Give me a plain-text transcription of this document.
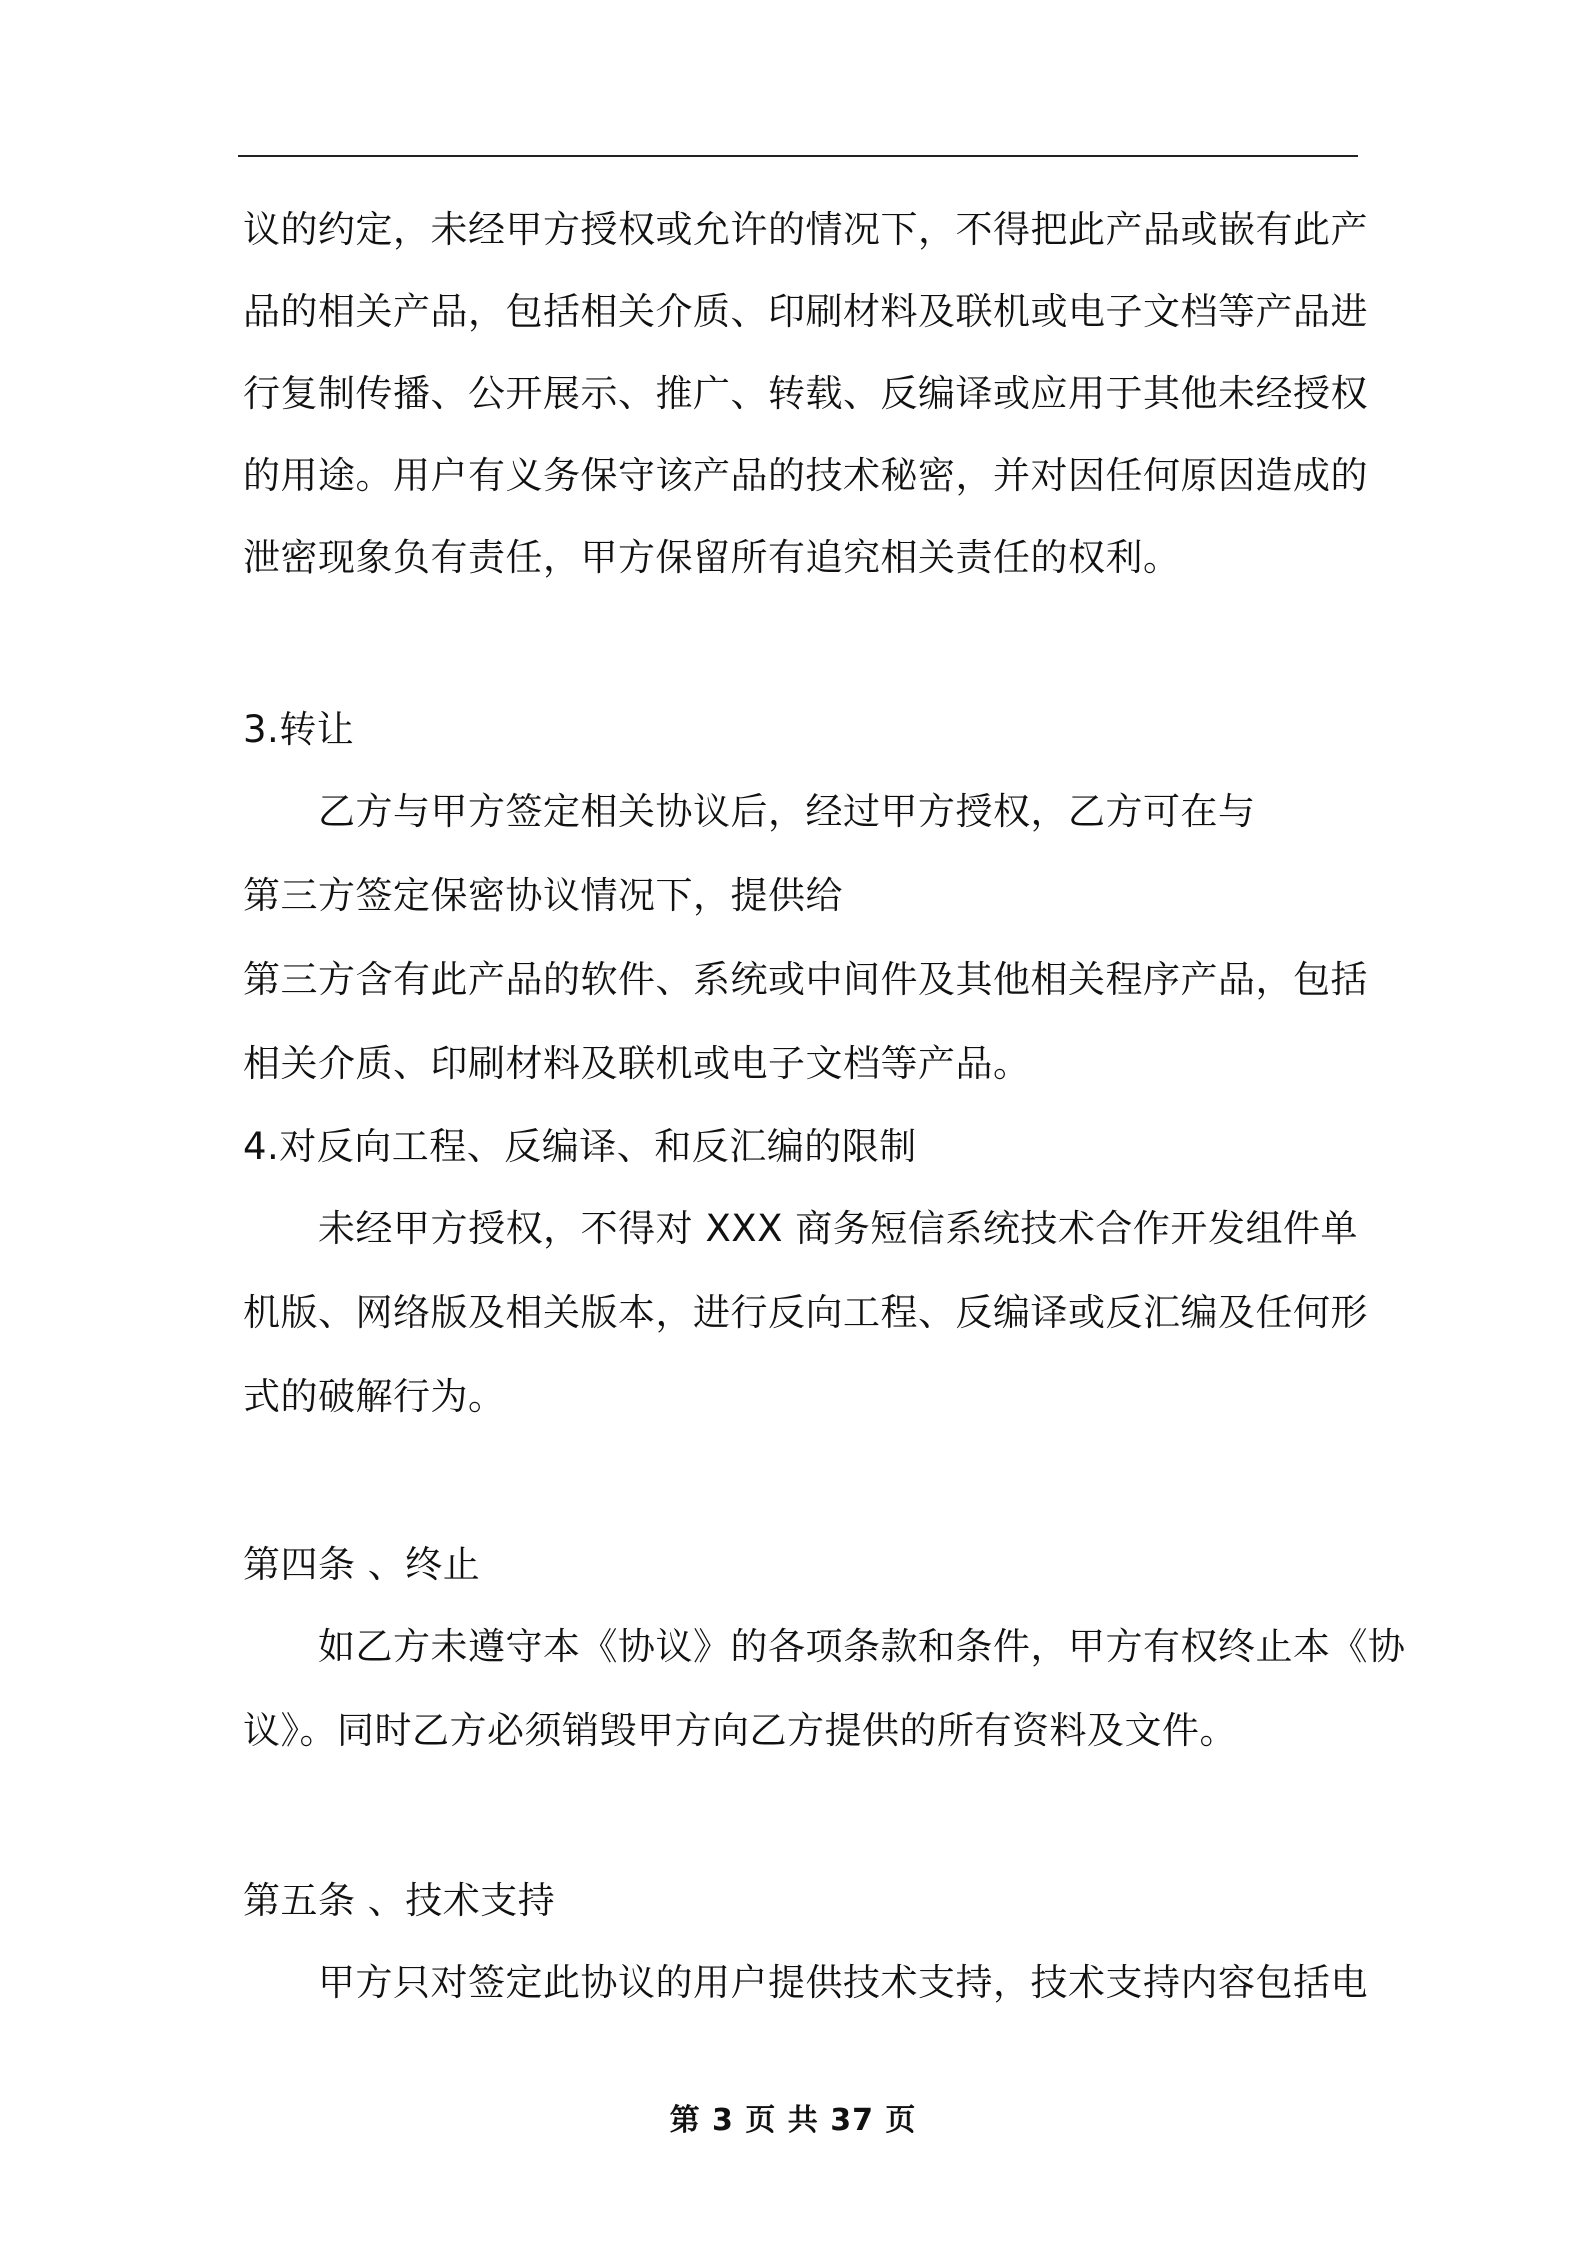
议的约定，未经甲方授权或允许的情况下，不得把此产品或嵌有此产
品的相关产品，包括相关介质、印刷材料及联机或电子文档等产品进
行复制传播、公开展示、推广、转载、反编译或应用于其他未经授权
的用途。用户有义务保守该产品的技术秘密，并对因任何原因造成的
泄密现象负有责任，甲方保留所有追究相关责任的权利。
3.转让
乙方与甲方签定相关协议后，经过甲方授权，乙方可在与
第三方签定保密协议情况下，提供给
第三方含有此产品的软件、系统或中间件及其他相关程序产品，包括
相关介质、印刷材料及联机或电子文档等产品。
4.对反向工程、反编译、和反汇编的限制
未经甲方授权，不得对 XXX 商务短信系统技术合作开发组件单
机版、网络版及相关版本，进行反向工程、反编译或反汇编及任何形
式的破解行为。
第四条 、终止
如乙方未遵守本《协议》的各项条款和条件，甲方有权终止本《协
议》。同时乙方必须销毁甲方向乙方提供的所有资料及文件。
第五条 、技术支持
甲方只对签定此协议的用户提供技术支持，技术支持内容包括电
第 3 页 共 37 页
